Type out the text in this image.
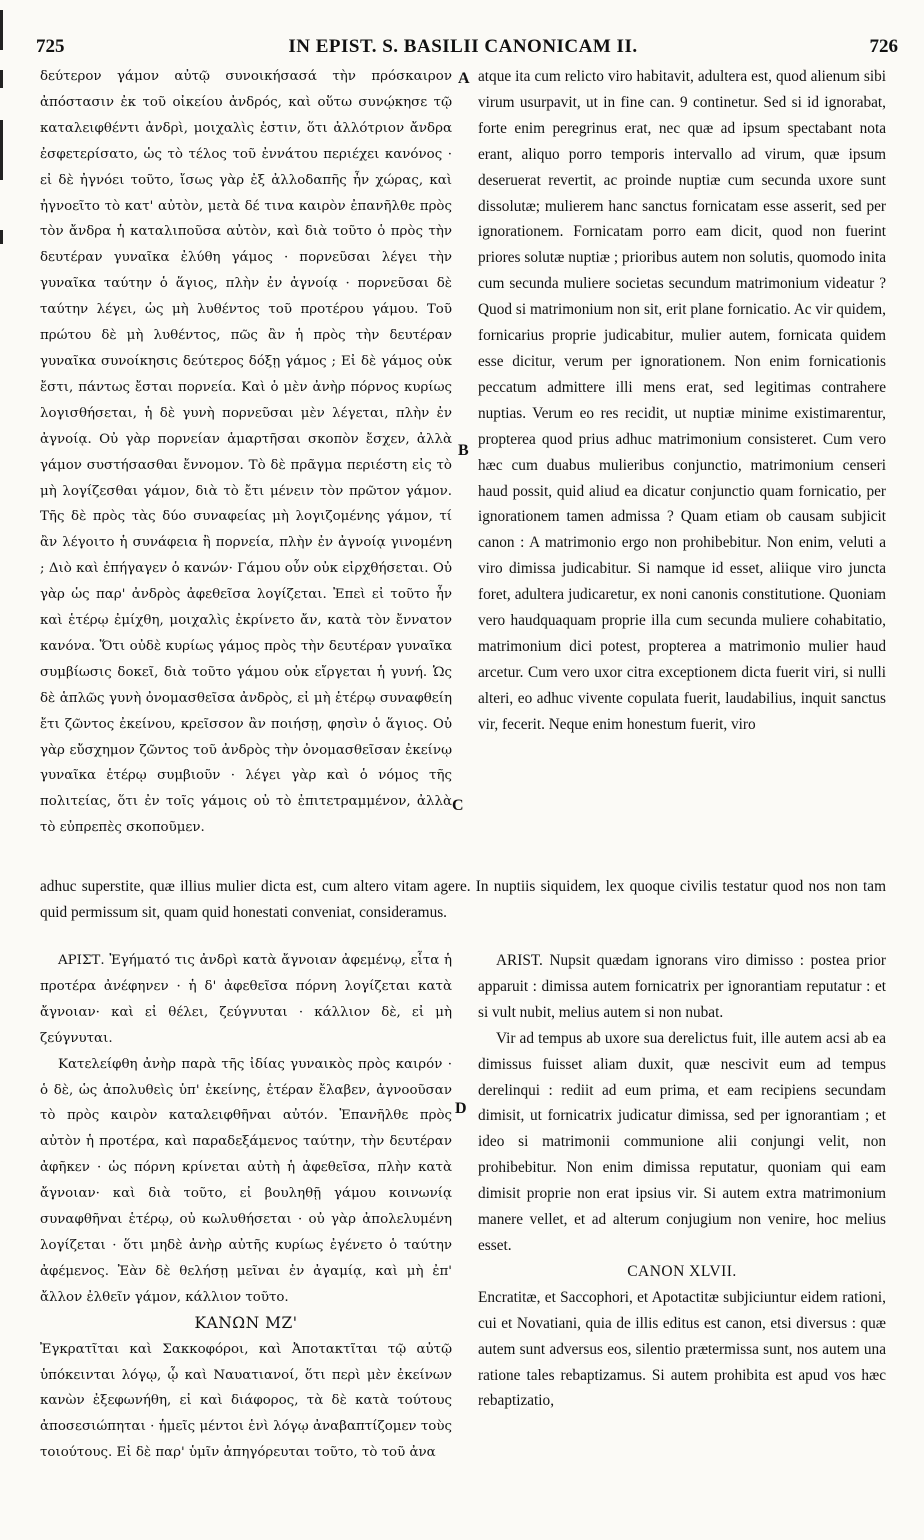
725	IN EPIST. S. BASILII CANONICAM II.	726
A
B
C
D

δεύτερον γάμον αὐτῷ συνοικήσασά τὴν πρόσκαιρον ἀπόστασιν ἐκ τοῦ οἰκείου ἀνδρός, καὶ οὕτω συνῴκησε τῷ καταλειφθέντι ἀνδρὶ, μοιχαλὶς ἐστιν, ὅτι ἀλλότριον ἄνδρα ἐσφετερίσατο, ὡς τὸ τέλος τοῦ ἐννάτου περιέχει κανόνος · εἰ δὲ ἠγνόει τοῦτο, ἴσως γὰρ ἐξ ἀλλοδαπῆς ἦν χώρας, καὶ ἠγνοεῖτο τὸ κατ' αὐτὸν, μετὰ δέ τινα καιρὸν ἐπανῆλθε πρὸς τὸν ἄνδρα ἡ καταλιποῦσα αὐτὸν, καὶ διὰ τοῦτο ὁ πρὸς τὴν δευτέραν γυναῖκα ἐλύθη γάμος · πορνεῦσαι λέγει τὴν γυναῖκα ταύτην ὁ ἅγιος, πλὴν ἐν ἀγνοίᾳ · πορνεῦσαι δὲ ταύτην λέγει, ὡς μὴ λυθέντος τοῦ προτέρου γάμου. Τοῦ πρώτου δὲ μὴ λυθέντος, πῶς ἂν ἡ πρὸς τὴν δευτέραν γυναῖκα συνοίκησις δεύτερος δόξῃ γάμος ; Εἰ δὲ γάμος οὐκ ἔστι, πάντως ἔσται πορνεία. Καὶ ὁ μὲν ἀνὴρ πόρνος κυρίως λογισθήσεται, ἡ δὲ γυνὴ πορνεῦσαι μὲν λέγεται, πλὴν ἐν ἀγνοίᾳ. Οὐ γὰρ πορνείαν ἁμαρτῆσαι σκοπὸν ἔσχεν, ἀλλὰ γάμον συστήσασθαι ἔννομον. Τὸ δὲ πρᾶγμα περιέστη εἰς τὸ μὴ λογίζεσθαι γάμον, διὰ τὸ ἔτι μένειν τὸν πρῶτον γάμον. Τῆς δὲ πρὸς τὰς δύο συναφείας μὴ λογιζομένης γάμον, τί ἂν λέγοιτο ἡ συνάφεια ἢ πορνεία, πλὴν ἐν ἀγνοίᾳ γινομένη ; Διὸ καὶ ἐπήγαγεν ὁ κανών· Γάμου οὖν οὐκ εἰρχθήσεται. Οὐ γὰρ ὡς παρ' ἀνδρὸς ἀφεθεῖσα λογίζεται. Ἐπεὶ εἰ τοῦτο ἦν καὶ ἑτέρῳ ἐμίχθη, μοιχαλὶς ἐκρίνετο ἄν, κατὰ τὸν ἔννατον κανόνα. Ὅτι οὐδὲ κυρίως γάμος πρὸς τὴν δευτέραν γυναῖκα συμβίωσις δοκεῖ, διὰ τοῦτο γάμου οὐκ εἴργεται ἡ γυνή. Ὡς δὲ ἁπλῶς γυνὴ ὀνομασθεῖσα ἀνδρὸς, εἰ μὴ ἑτέρῳ συναφθείη ἔτι ζῶντος ἐκείνου, κρεῖσσον ἂν ποιήσῃ, φησὶν ὁ ἅγιος. Οὐ γὰρ εὔσχημον ζῶντος τοῦ ἀνδρὸς τὴν ὀνομασθεῖσαν ἐκείνῳ γυναῖκα ἑτέρῳ συμβιοῦν · λέγει γὰρ καὶ ὁ νόμος τῆς πολιτείας, ὅτι ἐν τοῖς γάμοις οὐ τὸ ἐπιτετραμμένον, ἀλλὰ τὸ εὐπρεπὲς σκοποῦμεν.

atque ita cum relicto viro habitavit, adultera est, quod alienum sibi virum usurpavit, ut in fine can. 9 continetur. Sed si id ignorabat, forte enim peregrinus erat, nec quæ ad ipsum spectabant nota erant, aliquo porro temporis intervallo ad virum, quæ ipsum deseruerat revertit, ac proinde nuptiæ cum secunda uxore sunt dissolutæ; mulierem hanc sanctus fornicatam esse asserit, sed per ignorationem. Fornicatam porro eam dicit, quod non fuerint priores solutæ nuptiæ ; prioribus autem non solutis, quomodo inita cum secunda muliere societas secundum matrimonium videatur ? Quod si matrimonium non sit, erit plane fornicatio. Ac vir quidem, fornicarius proprie judicabitur, mulier autem, fornicata quidem esse dicitur, verum per ignorationem. Non enim fornicationis peccatum admittere illi mens erat, sed legitimas contrahere nuptias. Verum eo res recidit, ut nuptiæ minime existimarentur, propterea quod prius adhuc matrimonium consisteret. Cum vero hæc cum duabus mulieribus conjunctio, matrimonium censeri haud possit, quid aliud ea dicatur conjunctio quam fornicatio, per ignorationem tamen admissa ? Quam etiam ob causam subjicit canon : A matrimonio ergo non prohibebitur. Non enim, veluti a viro dimissa judicabitur. Si namque id esset, aliique viro juncta foret, adultera judicaretur, ex noni canonis constitutione. Quoniam vero haudquaquam proprie illa cum secunda muliere cohabitatio, matrimonium dici potest, propterea a matrimonio mulier haud arcetur. Cum vero uxor citra exceptionem dicta fuerit viri, si nulli alteri, eo adhuc vivente copulata fuerit, laudabilius, inquit sanctus vir, fecerit. Neque enim honestum fuerit, viro

adhuc superstite, quæ illius mulier dicta est, cum altero vitam agere. In nuptiis siquidem, lex quoque civilis testatur quod nos non tam quid permissum sit, quam quid honestati conveniat, consideramus.

ΑΡΙΣΤ. Ἐγήματό τις ἀνδρὶ κατὰ ἄγνοιαν ἀφεμένῳ, εἶτα ἡ προτέρα ἀνέφηνεν · ἡ δ' ἀφεθεῖσα πόρνη λογίζεται κατὰ ἄγνοιαν· καὶ εἰ θέλει, ζεύγνυται · κάλλιον δὲ, εἰ μὴ ζεύγνυται.

Κατελείφθη ἀνὴρ παρὰ τῆς ἰδίας γυναικὸς πρὸς καιρόν · ὁ δὲ, ὡς ἀπολυθεὶς ὑπ' ἐκείνης, ἑτέραν ἔλαβεν, ἀγνοοῦσαν τὸ πρὸς καιρὸν καταλειφθῆναι αὐτόν. Ἐπανῆλθε πρὸς αὐτὸν ἡ προτέρα, καὶ παραδεξάμενος ταύτην, τὴν δευτέραν ἀφῆκεν · ὡς πόρνη κρίνεται αὐτὴ ἡ ἀφεθεῖσα, πλὴν κατὰ ἄγνοιαν· καὶ διὰ τοῦτο, εἰ βουληθῇ γάμου κοινωνίᾳ συναφθῆναι ἑτέρῳ, οὐ κωλυθήσεται · οὐ γὰρ ἀπολελυμένη λογίζεται · ὅτι μηδὲ ἀνὴρ αὐτῆς κυρίως ἐγένετο ὁ ταύτην ἀφέμενος. Ἐὰν δὲ θελήσῃ μεῖναι ἐν ἀγαμίᾳ, καὶ μὴ ἐπ' ἄλλον ἐλθεῖν γάμον, κάλλιον τοῦτο.

ΚΑΝΩΝ ΜΖ'

Ἐγκρατῖται καὶ Σακκοφόροι, καὶ Ἀποτακτῖται τῷ αὐτῷ ὑπόκεινται λόγῳ, ᾧ καὶ Ναυατιανοί, ὅτι περὶ μὲν ἐκείνων κανὼν ἐξεφωνήθη, εἰ καὶ διάφορος, τὰ δὲ κατὰ τούτους ἀποσεσιώπηται · ἡμεῖς μέντοι ἑνὶ λόγῳ ἀναβαπτίζομεν τοὺς τοιούτους. Εἰ δὲ παρ' ὑμῖν ἀπηγόρευται τοῦτο, τὸ τοῦ ἀνα

ARIST. Nupsit quædam ignorans viro dimisso : postea prior apparuit : dimissa autem fornicatrix per ignorantiam reputatur : et si vult nubit, melius autem si non nubat.

Vir ad tempus ab uxore sua derelictus fuit, ille autem acsi ab ea dimissus fuisset aliam duxit, quæ nescivit eum ad tempus derelinqui : rediit ad eum prima, et eam recipiens secundam dimisit, ut fornicatrix judicatur dimissa, sed per ignorantiam ; et ideo si matrimonii communione alii conjungi velit, non prohibebitur. Non enim dimissa reputatur, quoniam qui eam dimisit proprie non erat ipsius vir. Si autem extra matrimonium manere vellet, et ad alterum conjugium non venire, hoc melius esset.

CANON XLVII.

Encratitæ, et Saccophori, et Apotactitæ subjiciuntur eidem rationi, cui et Novatiani, quia de illis editus est canon, etsi diversus : quæ autem sunt adversus eos, silentio prætermissa sunt, nos autem una ratione tales rebaptizamus. Si autem prohibita est apud vos hæc rebaptizatio,
